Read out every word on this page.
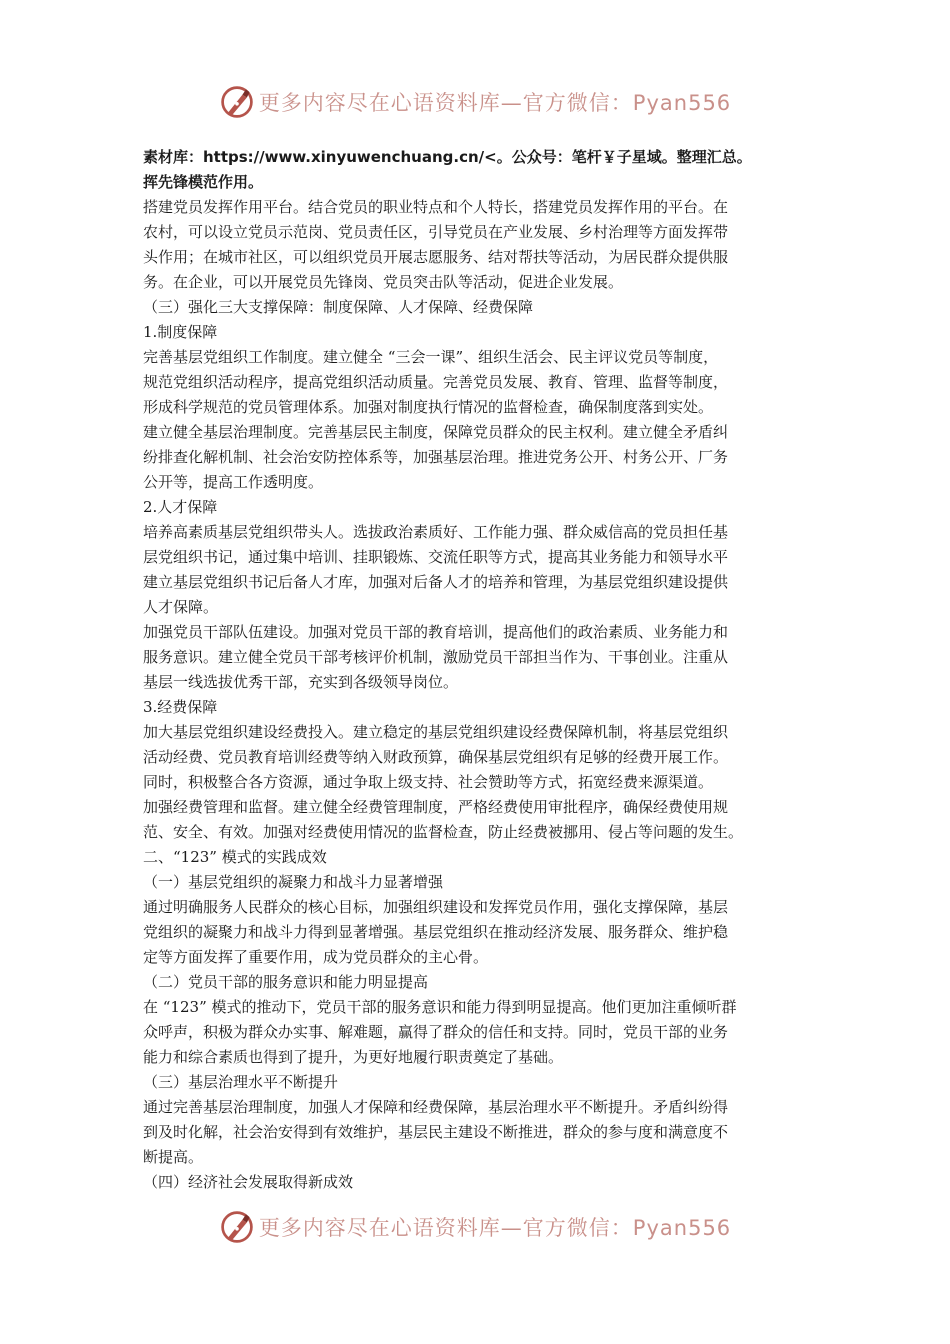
更多内容尽在心语资料库—官方微信：Pyan556
素材库：https://www.xinyuwenchuang.cn/<。公众号：笔杆￥子星域。整理汇总。
挥先锋模范作用。
搭建党员发挥作用平台。结合党员的职业特点和个人特长，搭建党员发挥作用的平台。在
农村，可以设立党员示范岗、党员责任区，引导党员在产业发展、乡村治理等方面发挥带
头作用；在城市社区，可以组织党员开展志愿服务、结对帮扶等活动，为居民群众提供服
务。在企业，可以开展党员先锋岗、党员突击队等活动，促进企业发展。
（三）强化三大支撑保障：制度保障、人才保障、经费保障
1.制度保障
完善基层党组织工作制度。建立健全 “三会一课”、组织生活会、民主评议党员等制度，
规范党组织活动程序，提高党组织活动质量。完善党员发展、教育、管理、监督等制度，
形成科学规范的党员管理体系。加强对制度执行情况的监督检查，确保制度落到实处。
建立健全基层治理制度。完善基层民主制度，保障党员群众的民主权利。建立健全矛盾纠
纷排查化解机制、社会治安防控体系等，加强基层治理。推进党务公开、村务公开、厂务
公开等，提高工作透明度。
2.人才保障
培养高素质基层党组织带头人。选拔政治素质好、工作能力强、群众威信高的党员担任基
层党组织书记，通过集中培训、挂职锻炼、交流任职等方式，提高其业务能力和领导水平
建立基层党组织书记后备人才库，加强对后备人才的培养和管理，为基层党组织建设提供
人才保障。
加强党员干部队伍建设。加强对党员干部的教育培训，提高他们的政治素质、业务能力和
服务意识。建立健全党员干部考核评价机制，激励党员干部担当作为、干事创业。注重从
基层一线选拔优秀干部，充实到各级领导岗位。
3.经费保障
加大基层党组织建设经费投入。建立稳定的基层党组织建设经费保障机制，将基层党组织
活动经费、党员教育培训经费等纳入财政预算，确保基层党组织有足够的经费开展工作。
同时，积极整合各方资源，通过争取上级支持、社会赞助等方式，拓宽经费来源渠道。
加强经费管理和监督。建立健全经费管理制度，严格经费使用审批程序，确保经费使用规
范、安全、有效。加强对经费使用情况的监督检查，防止经费被挪用、侵占等问题的发生。
二、“123” 模式的实践成效
（一）基层党组织的凝聚力和战斗力显著增强
通过明确服务人民群众的核心目标，加强组织建设和发挥党员作用，强化支撑保障，基层
党组织的凝聚力和战斗力得到显著增强。基层党组织在推动经济发展、服务群众、维护稳
定等方面发挥了重要作用，成为党员群众的主心骨。
（二）党员干部的服务意识和能力明显提高
在 “123” 模式的推动下，党员干部的服务意识和能力得到明显提高。他们更加注重倾听群
众呼声，积极为群众办实事、解难题，赢得了群众的信任和支持。同时，党员干部的业务
能力和综合素质也得到了提升，为更好地履行职责奠定了基础。
（三）基层治理水平不断提升
通过完善基层治理制度，加强人才保障和经费保障，基层治理水平不断提升。矛盾纠纷得
到及时化解，社会治安得到有效维护，基层民主建设不断推进，群众的参与度和满意度不
断提高。
（四）经济社会发展取得新成效
更多内容尽在心语资料库—官方微信：Pyan556
